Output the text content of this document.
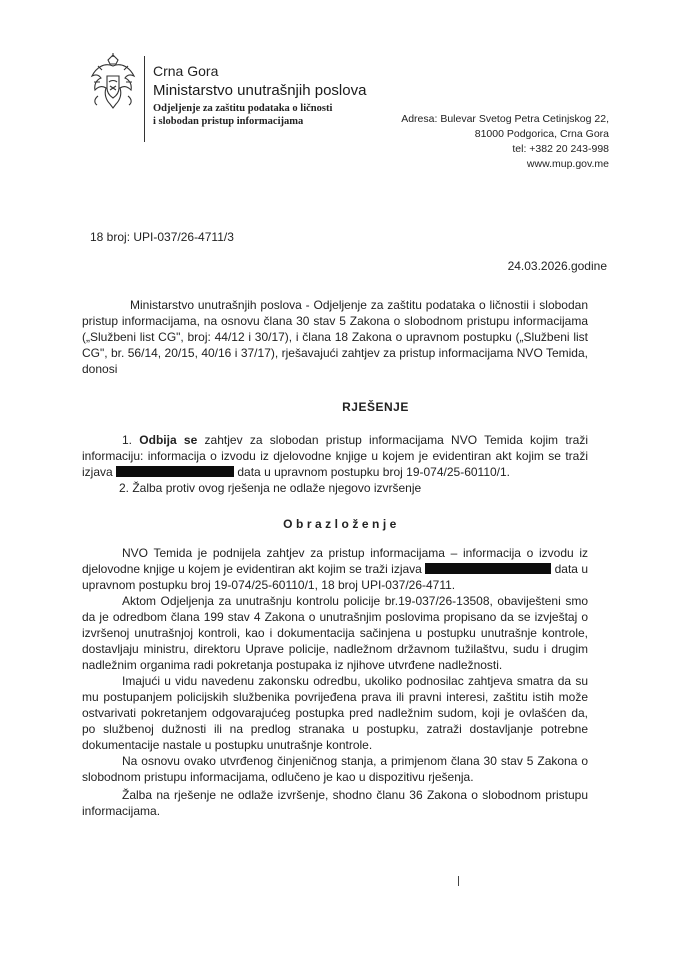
Crna Gora
Ministarstvo unutrašnjih poslova
Odjeljenje za zaštitu podataka o ličnosti
i slobodan pristup informacijama	Adresa: Bulevar Svetog Petra Cetinjskog 22,
81000 Podgorica, Crna Gora
tel: +382 20 243-998
www.mup.gov.me
18 broj: UPI-037/26-4711/3
24.03.2026.godine
Ministarstvo unutrašnjih poslova - Odjeljenje za zaštitu podataka o ličnostii i slobodan pristup informacijama, na osnovu člana 30 stav 5 Zakona o slobodnom pristupu informacijama („Službeni list CG", broj: 44/12 i 30/17), i člana 18 Zakona o upravnom postupku („Službeni list CG", br. 56/14, 20/15, 40/16 i 37/17), rješavajući zahtjev za pristup informacijama NVO Temida, donosi
RJEŠENJE
1. Odbija se zahtjev za slobodan pristup informacijama NVO Temida kojim traži informaciju: informacija o izvodu iz djelovodne knjige u kojem je evidentiran akt kojim se traži izjava	data u upravnom postupku broj 19-074/25-60110/1.
2. Žalba protiv ovog rješenja ne odlaže njegovo izvršenje
Obrazloženje

NVO Temida je podnijela zahtjev za pristup informacijama – informacija o izvodu iz djelovodne knjige u kojem je evidentiran akt kojim se traži izjava	data u upravnom postupku broj 19-074/25-60110/1, 18 broj UPI-037/26-4711.

Aktom Odjeljenja za unutrašnju kontrolu policije br.19-037/26-13508, obaviješteni smo da je odredbom člana 199 stav 4 Zakona o unutrašnjim poslovima propisano da se izvještaj o izvršenoj unutrašnjoj kontroli, kao i dokumentacija sačinjena u postupku unutrašnje kontrole, dostavljaju ministru, direktoru Uprave policije, nadležnom državnom tužilaštvu, sudu i drugim nadležnim organima radi pokretanja postupaka iz njihove utvrđene nadležnosti.

Imajući u vidu navedenu zakonsku odredbu, ukoliko podnosilac zahtjeva smatra da su mu postupanjem policijskih službenika povrijeđena prava ili pravni interesi, zaštitu istih može ostvarivati pokretanjem odgovarajućeg postupka pred nadležnim sudom, koji je ovlašćen da, po službenoj dužnosti ili na predlog stranaka u postupku, zatraži dostavljanje potrebne dokumentacije nastale u postupku unutrašnje kontrole.

Na osnovu ovako utvrđenog činjeničnog stanja, a primjenom člana 30 stav 5 Zakona o slobodnom pristupu informacijama, odlučeno je kao u dispozitivu rješenja.

Žalba na rješenje ne odlaže izvršenje, shodno članu 36 Zakona o slobodnom pristupu informacijama.
